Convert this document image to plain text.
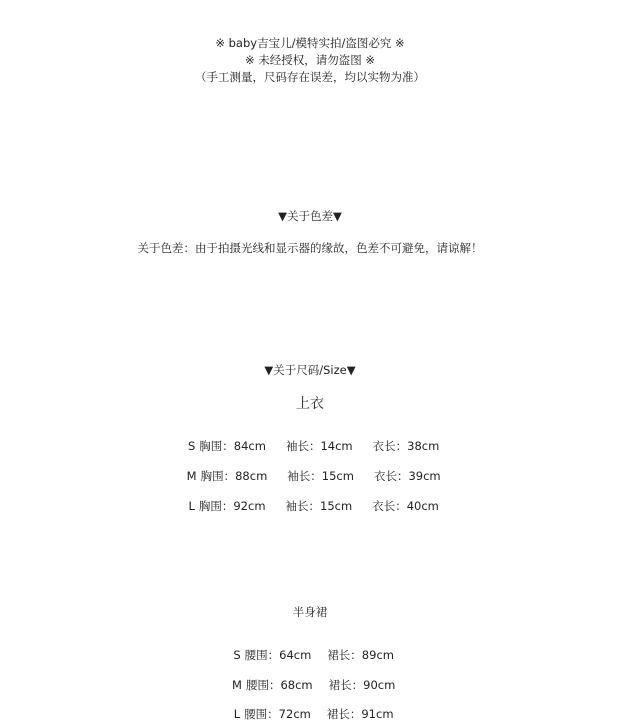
※ baby吉宝儿/模特实拍/盗图必究 ※
※ 未经授权，请勿盗图 ※
（手工测量，尺码存在误差，均以实物为准）
▼关于色差▼
关于色差：由于拍摄光线和显示器的缘故，色差不可避免，请谅解！
▼关于尺码/Size▼
上衣

S 胸围：84cm 袖长：14cm 衣长：38cm

M 胸围：88cm 袖长：15cm 衣长：39cm

L 胸围：92cm 袖长：15cm 衣长：40cm

半身裙

S 腰围：64cm 裙长：89cm

M 腰围：68cm 裙长：90cm

L 腰围：72cm 裙长：91cm
